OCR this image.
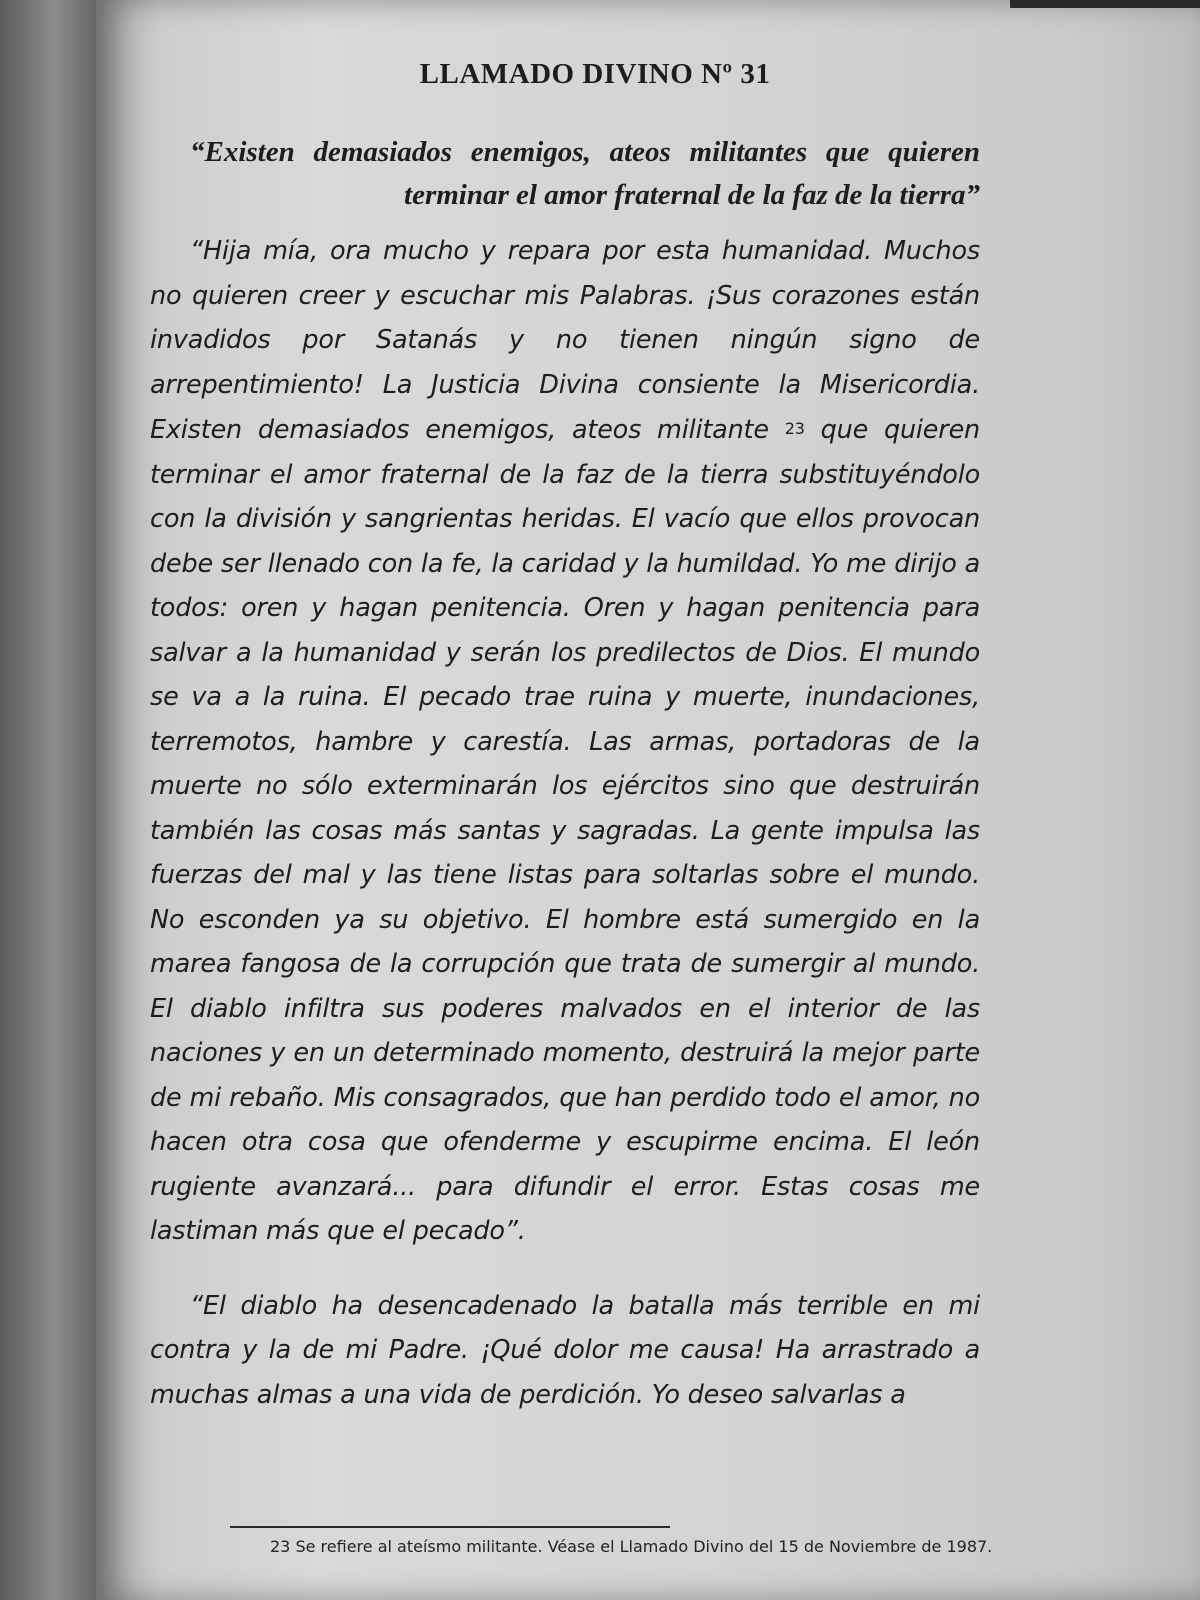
LLAMADO DIVINO Nº 31

“Existen demasiados enemigos, ateos militantes que quieren terminar el amor fraternal de la faz de la tierra”

“Hija mía, ora mucho y repara por esta humanidad. Muchos no quieren creer y escuchar mis Palabras. ¡Sus corazones están invadidos por Satanás y no tienen ningún signo de arrepentimiento! La Justicia Divina consiente la Misericordia. Existen demasiados enemigos, ateos militante 23 que quieren terminar el amor fraternal de la faz de la tierra substituyéndolo con la división y sangrientas heridas. El vacío que ellos provocan debe ser llenado con la fe, la caridad y la humildad. Yo me dirijo a todos: oren y hagan penitencia. Oren y hagan penitencia para salvar a la humanidad y serán los predilectos de Dios. El mundo se va a la ruina. El pecado trae ruina y muerte, inundaciones, terremotos, hambre y carestía. Las armas, portadoras de la muerte no sólo exterminarán los ejércitos sino que destruirán también las cosas más santas y sagradas. La gente impulsa las fuerzas del mal y las tiene listas para soltarlas sobre el mundo. No esconden ya su objetivo. El hombre está sumergido en la marea fangosa de la corrupción que trata de sumergir al mundo. El diablo infiltra sus poderes malvados en el interior de las naciones y en un determinado momento, destruirá la mejor parte de mi rebaño. Mis consagrados, que han perdido todo el amor, no hacen otra cosa que ofenderme y escupirme encima. El león rugiente avanzará... para difundir el error. Estas cosas me lastiman más que el pecado”.

“El diablo ha desencadenado la batalla más terrible en mi contra y la de mi Padre. ¡Qué dolor me causa! Ha arrastrado a muchas almas a una vida de perdición. Yo deseo salvarlas a

23 Se refiere al ateísmo militante. Véase el Llamado Divino del 15 de Noviembre de 1987.
